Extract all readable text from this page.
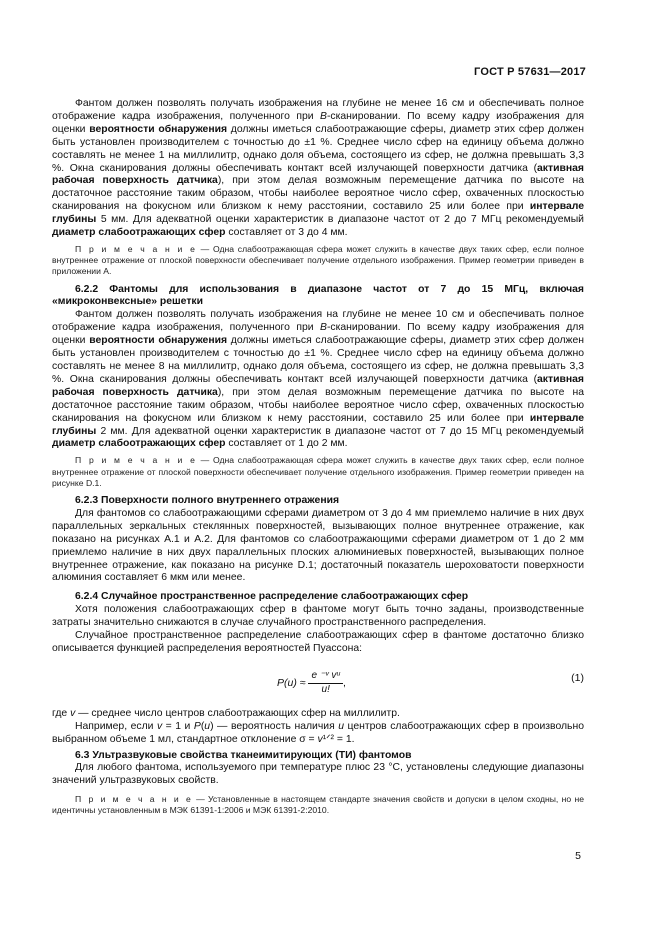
ГОСТ Р 57631—2017

Фантом должен позволять получать изображения на глубине не менее 16 см и обеспечивать полное отображение кадра изображения, полученного при В-сканировании. По всему кадру изображения для оценки вероятности обнаружения должны иметься слабоотражающие сферы, диаметр этих сфер должен быть установлен производителем с точностью до ±1 %. Среднее число сфер на единицу объема должно составлять не менее 1 на миллилитр, однако доля объема, состоящего из сфер, не должна превышать 3,3 %. Окна сканирования должны обеспечивать контакт всей излучающей поверхности датчика (активная рабочая поверхность датчика), при этом делая возможным перемещение датчика по высоте на достаточное расстояние таким образом, чтобы наиболее вероятное число сфер, охваченных плоскостью сканирования на фокусном или близком к нему расстоянии, составило 25 или более при интервале глубины 5 мм. Для адекватной оценки характеристик в диапазоне частот от 2 до 7 МГц рекомендуемый диаметр слабоотражающих сфер составляет от 3 до 4 мм.

П р и м е ч а н и е — Одна слабоотражающая сфера может служить в качестве двух таких сфер, если полное внутреннее отражение от плоской поверхности обеспечивает получение отдельного изображения. Пример геометрии приведен в приложении А.

6.2.2 Фантомы для использования в диапазоне частот от 7 до 15 МГц, включая «микроконвексные» решетки

Фантом должен позволять получать изображения на глубине не менее 10 см и обеспечивать полное отображение кадра изображения, полученного при В-сканировании. По всему кадру изображения для оценки вероятности обнаружения должны иметься слабоотражающие сферы, диаметр этих сфер должен быть установлен производителем с точностью до ±1 %. Среднее число сфер на единицу объема должно составлять не менее 8 на миллилитр, однако доля объема, состоящего из сфер, не должна превышать 3,3 %. Окна сканирования должны обеспечивать контакт всей излучающей поверхности датчика (активная рабочая поверхность датчика), при этом делая возможным перемещение датчика по высоте на достаточное расстояние таким образом, чтобы наиболее вероятное число сфер, охваченных плоскостью сканирования на фокусном или близком к нему расстоянии, составило 25 или более при интервале глубины 2 мм. Для адекватной оценки характеристик в диапазоне частот от 7 до 15 МГц рекомендуемый диаметр слабоотражающих сфер составляет от 1 до 2 мм.

П р и м е ч а н и е — Одна слабоотражающая сфера может служить в качестве двух таких сфер, если полное внутреннее отражение от плоской поверхности обеспечивает получение отдельного изображения. Пример геометрии приведен на рисунке D.1.

6.2.3 Поверхности полного внутреннего отражения

Для фантомов со слабоотражающими сферами диаметром от 3 до 4 мм приемлемо наличие в них двух параллельных зеркальных стеклянных поверхностей, вызывающих полное внутреннее отражение, как показано на рисунках А.1 и А.2. Для фантомов со слабоотражающими сферами диаметром от 1 до 2 мм приемлемо наличие в них двух параллельных плоских алюминиевых поверхностей, вызывающих полное внутреннее отражение, как показано на рисунке D.1; достаточный показатель шероховатости поверхности алюминия составляет 6 мкм или менее.

6.2.4 Случайное пространственное распределение слабоотражающих сфер

Хотя положения слабоотражающих сфер в фантоме могут быть точно заданы, производственные затраты значительно снижаются в случае случайного пространственного распределения.

Случайное пространственное распределение слабоотражающих сфер в фантоме достаточно близко описывается функцией распределения вероятностей Пуассона:

$P(u) \approx \frac{\text{e ⁻ᵛ vᵘ}}{u!}$ ,	(1)

где v — среднее число центров слабоотражающих сфер на миллилитр.

Например, если v = 1 и P(u) — вероятность наличия u центров слабоотражающих сфер в произвольно выбранном объеме 1 мл, стандартное отклонение σ = v¹ᐟ² = 1.

6.3 Ультразвуковые свойства тканеимитирующих (ТИ) фантомов

Для любого фантома, используемого при температуре плюс 23 °С, установлены следующие диапазоны значений ультразвуковых свойств.

П р и м е ч а н и е — Установленные в настоящем стандарте значения свойств и допуски в целом сходны, но не идентичны установленным в МЭК 61391-1:2006 и МЭК 61391-2:2010.

5
